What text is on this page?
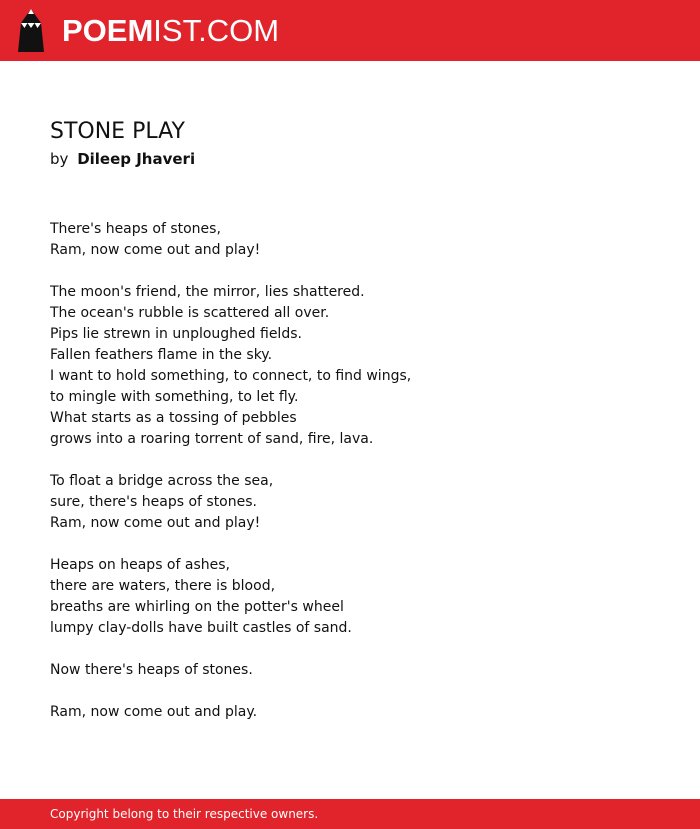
POEMIST.COM
STONE PLAY
by Dileep Jhaveri
There's heaps of stones,
Ram, now come out and play!
The moon's friend, the mirror, lies shattered.
The ocean's rubble is scattered all over.
Pips lie strewn in unploughed fields.
Fallen feathers flame in the sky.
I want to hold something, to connect, to find wings,
to mingle with something, to let fly.
What starts as a tossing of pebbles
grows into a roaring torrent of sand, fire, lava.
To float a bridge across the sea,
sure, there's heaps of stones.
Ram, now come out and play!
Heaps on heaps of ashes,
there are waters, there is blood,
breaths are whirling on the potter's wheel
lumpy clay-dolls have built castles of sand.
Now there's heaps of stones.
Ram, now come out and play.
Copyright belong to their respective owners.
